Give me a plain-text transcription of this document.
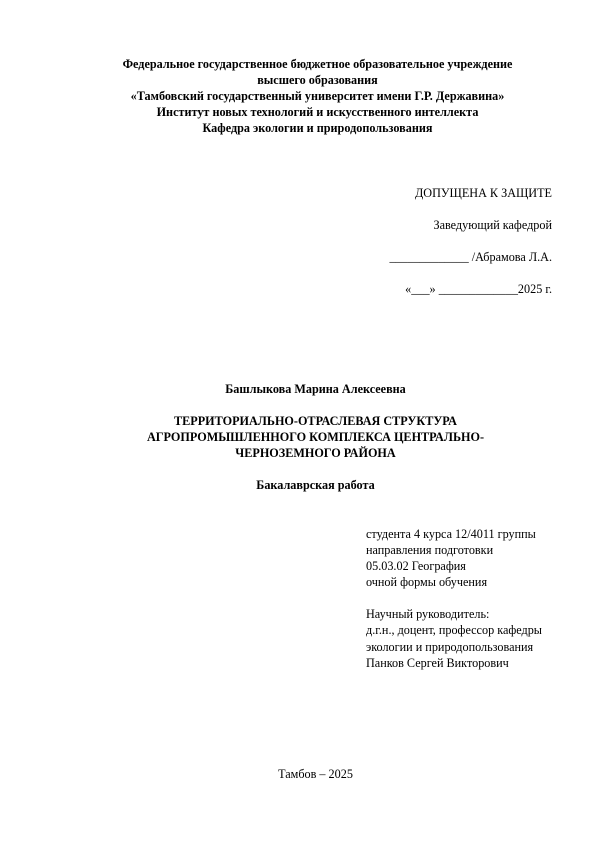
Федеральное государственное бюджетное образовательное учреждение
высшего образования
«Тамбовский государственный университет имени Г.Р. Державина»
Институт новых технологий и искусственного интеллекта
Кафедра экологии и природопользования
ДОПУЩЕНА К ЗАЩИТЕ
Заведующий кафедрой
_____________ /Абрамова Л.А.
«___» _____________2025 г.
Башлыкова Марина Алексеевна
ТЕРРИТОРИАЛЬНО-ОТРАСЛЕВАЯ СТРУКТУРА
АГРОПРОМЫШЛЕННОГО КОМПЛЕКСА ЦЕНТРАЛЬНО-
ЧЕРНОЗЕМНОГО РАЙОНА
Бакалаврская работа
студента 4 курса 12/4011 группы
направления подготовки
05.03.02 География
очной формы обучения
Научный руководитель:
д.г.н., доцент, профессор кафедры
экологии и природопользования
Панков Сергей Викторович
Тамбов – 2025
